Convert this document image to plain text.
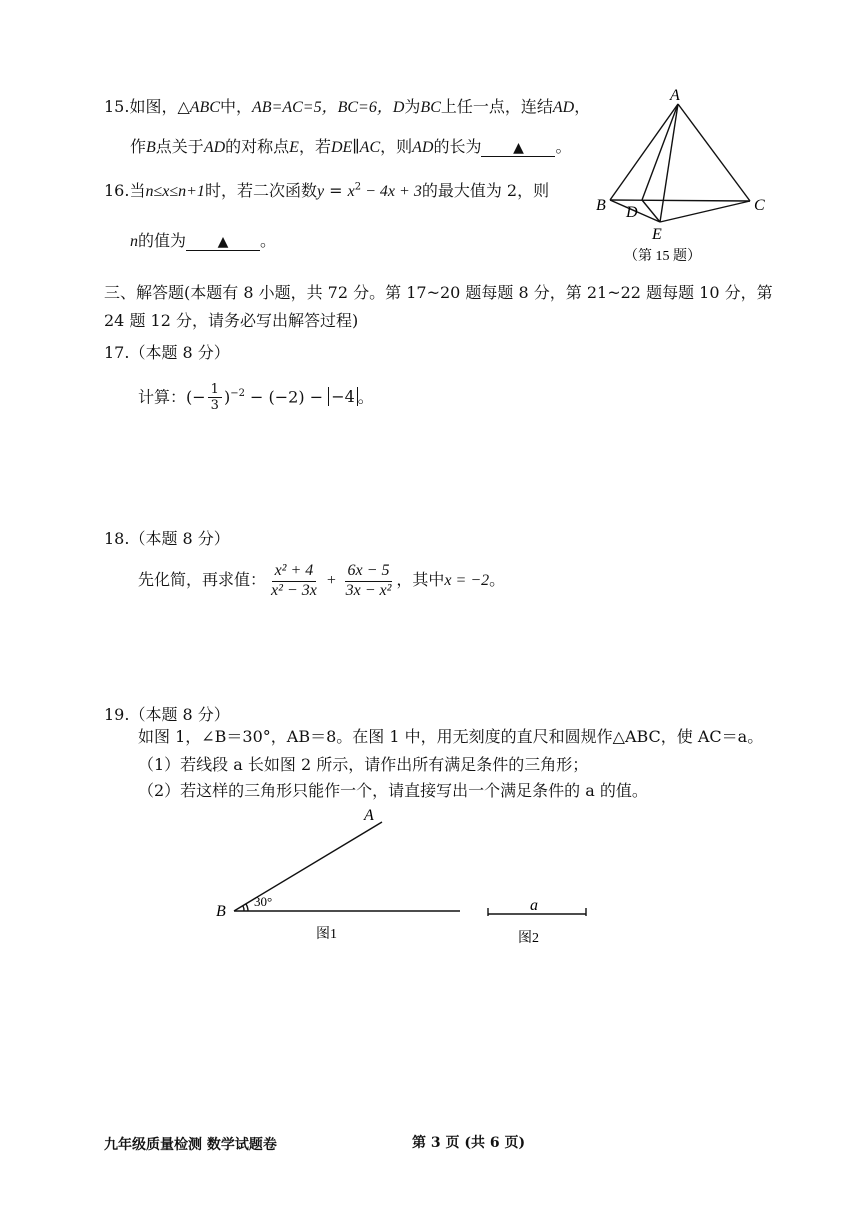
15.如图，△ABC中，AB=AC=5，BC=6，D为BC上任一点，连结AD，
作B点关于AD的对称点E，若DE∥AC，则AD的长为 ▲ 。
A
B	C
D
E
（第 15 题）
16.当n≤x≤n+1时，若二次函数$y = x^2 - 4x + 3$的最大值为 2，则
n的值为 ▲ 。
三、解答题(本题有 8 小题，共 72 分。第 17~20 题每题 8 分，第 21~22 题每题 10 分，第
24 题 12 分，请务必写出解答过程)
17.（本题 8 分）
计算：(− $\frac{1}{3} )^{-2} - (-2) - -4$ 。
18.（本题 8 分）
先化简，再求值： $\frac{\text{x² + 4}}{\text{x² − 3x}} + \frac{6x - 5}{\text{3x − x²}}$ ，其中x = −2。
19.（本题 8 分）
如图 1，∠B＝30°，AB＝8。在图 1 中，用无刻度的直尺和圆规作△ABC，使 AC＝a。
（1）若线段 a 长如图 2 所示，请作出所有满足条件的三角形；
（2）若这样的三角形只能作一个，请直接写出一个满足条件的 a 的值。
A
B
30°
图1
a
图2
九年级质量检测 数学试题卷	第 3 页 (共 6 页)
